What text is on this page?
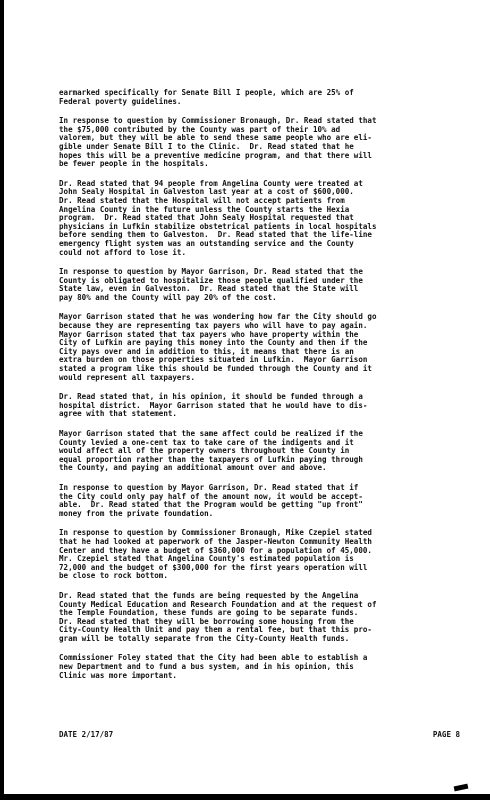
earmarked specifically for Senate Bill I people, which are 25% of
Federal poverty guidelines.
In response to question by Commissioner Bronaugh, Dr. Read stated that
the $75,000 contributed by the County was part of their 10% ad
valorem, but they will be able to send these same people who are eli-
gible under Senate Bill I to the Clinic.  Dr. Read stated that he
hopes this will be a preventive medicine program, and that there will
be fewer people in the hospitals.
Dr. Read stated that 94 people from Angelina County were treated at
John Sealy Hospital in Galveston last year at a cost of $600,000.
Dr. Read stated that the Hospital will not accept patients from
Angelina County in the future unless the County starts the Hexia
program.  Dr. Read stated that John Sealy Hospital requested that
physicians in Lufkin stabilize obstetrical patients in local hospitals
before sending them to Galveston.  Dr. Read stated that the life-line
emergency flight system was an outstanding service and the County
could not afford to lose it.
In response to question by Mayor Garrison, Dr. Read stated that the
County is obligated to hospitalize those people qualified under the
State law, even in Galveston.  Dr. Read stated that the State will
pay 80% and the County will pay 20% of the cost.
Mayor Garrison stated that he was wondering how far the City should go
because they are representing tax payers who will have to pay again.
Mayor Garrison stated that tax payers who have property within the
City of Lufkin are paying this money into the County and then if the
City pays over and in addition to this, it means that there is an
extra burden on those properties situated in Lufkin.  Mayor Garrison
stated a program like this should be funded through the County and it
would represent all taxpayers.
Dr. Read stated that, in his opinion, it should be funded through a
hospital district.  Mayor Garrison stated that he would have to dis-
agree with that statement.
Mayor Garrison stated that the same affect could be realized if the
County levied a one-cent tax to take care of the indigents and it
would affect all of the property owners throughout the County in
equal proportion rather than the taxpayers of Lufkin paying through
the County, and paying an additional amount over and above.
In response to question by Mayor Garrison, Dr. Read stated that if
the City could only pay half of the amount now, it would be accept-
able.  Dr. Read stated that the Program would be getting "up front"
money from the private foundation.
In response to question by Commissioner Bronaugh, Mike Czepiel stated
that he had looked at paperwork of the Jasper-Newton Community Health
Center and they have a budget of $360,000 for a population of 45,000.
Mr. Czepiel stated that Angelina County's estimated population is
72,000 and the budget of $300,000 for the first years operation will
be close to rock bottom.
Dr. Read stated that the funds are being requested by the Angelina
County Medical Education and Research Foundation and at the request of
the Temple Foundation, these funds are going to be separate funds.
Dr. Read stated that they will be borrowing some housing from the
City-County Health Unit and pay them a rental fee, but that this pro-
gram will be totally separate from the City-County Health funds.
Commissioner Foley stated that the City had been able to establish a
new Department and to fund a bus system, and in his opinion, this
Clinic was more important.
DATE 2/17/87	PAGE 8
